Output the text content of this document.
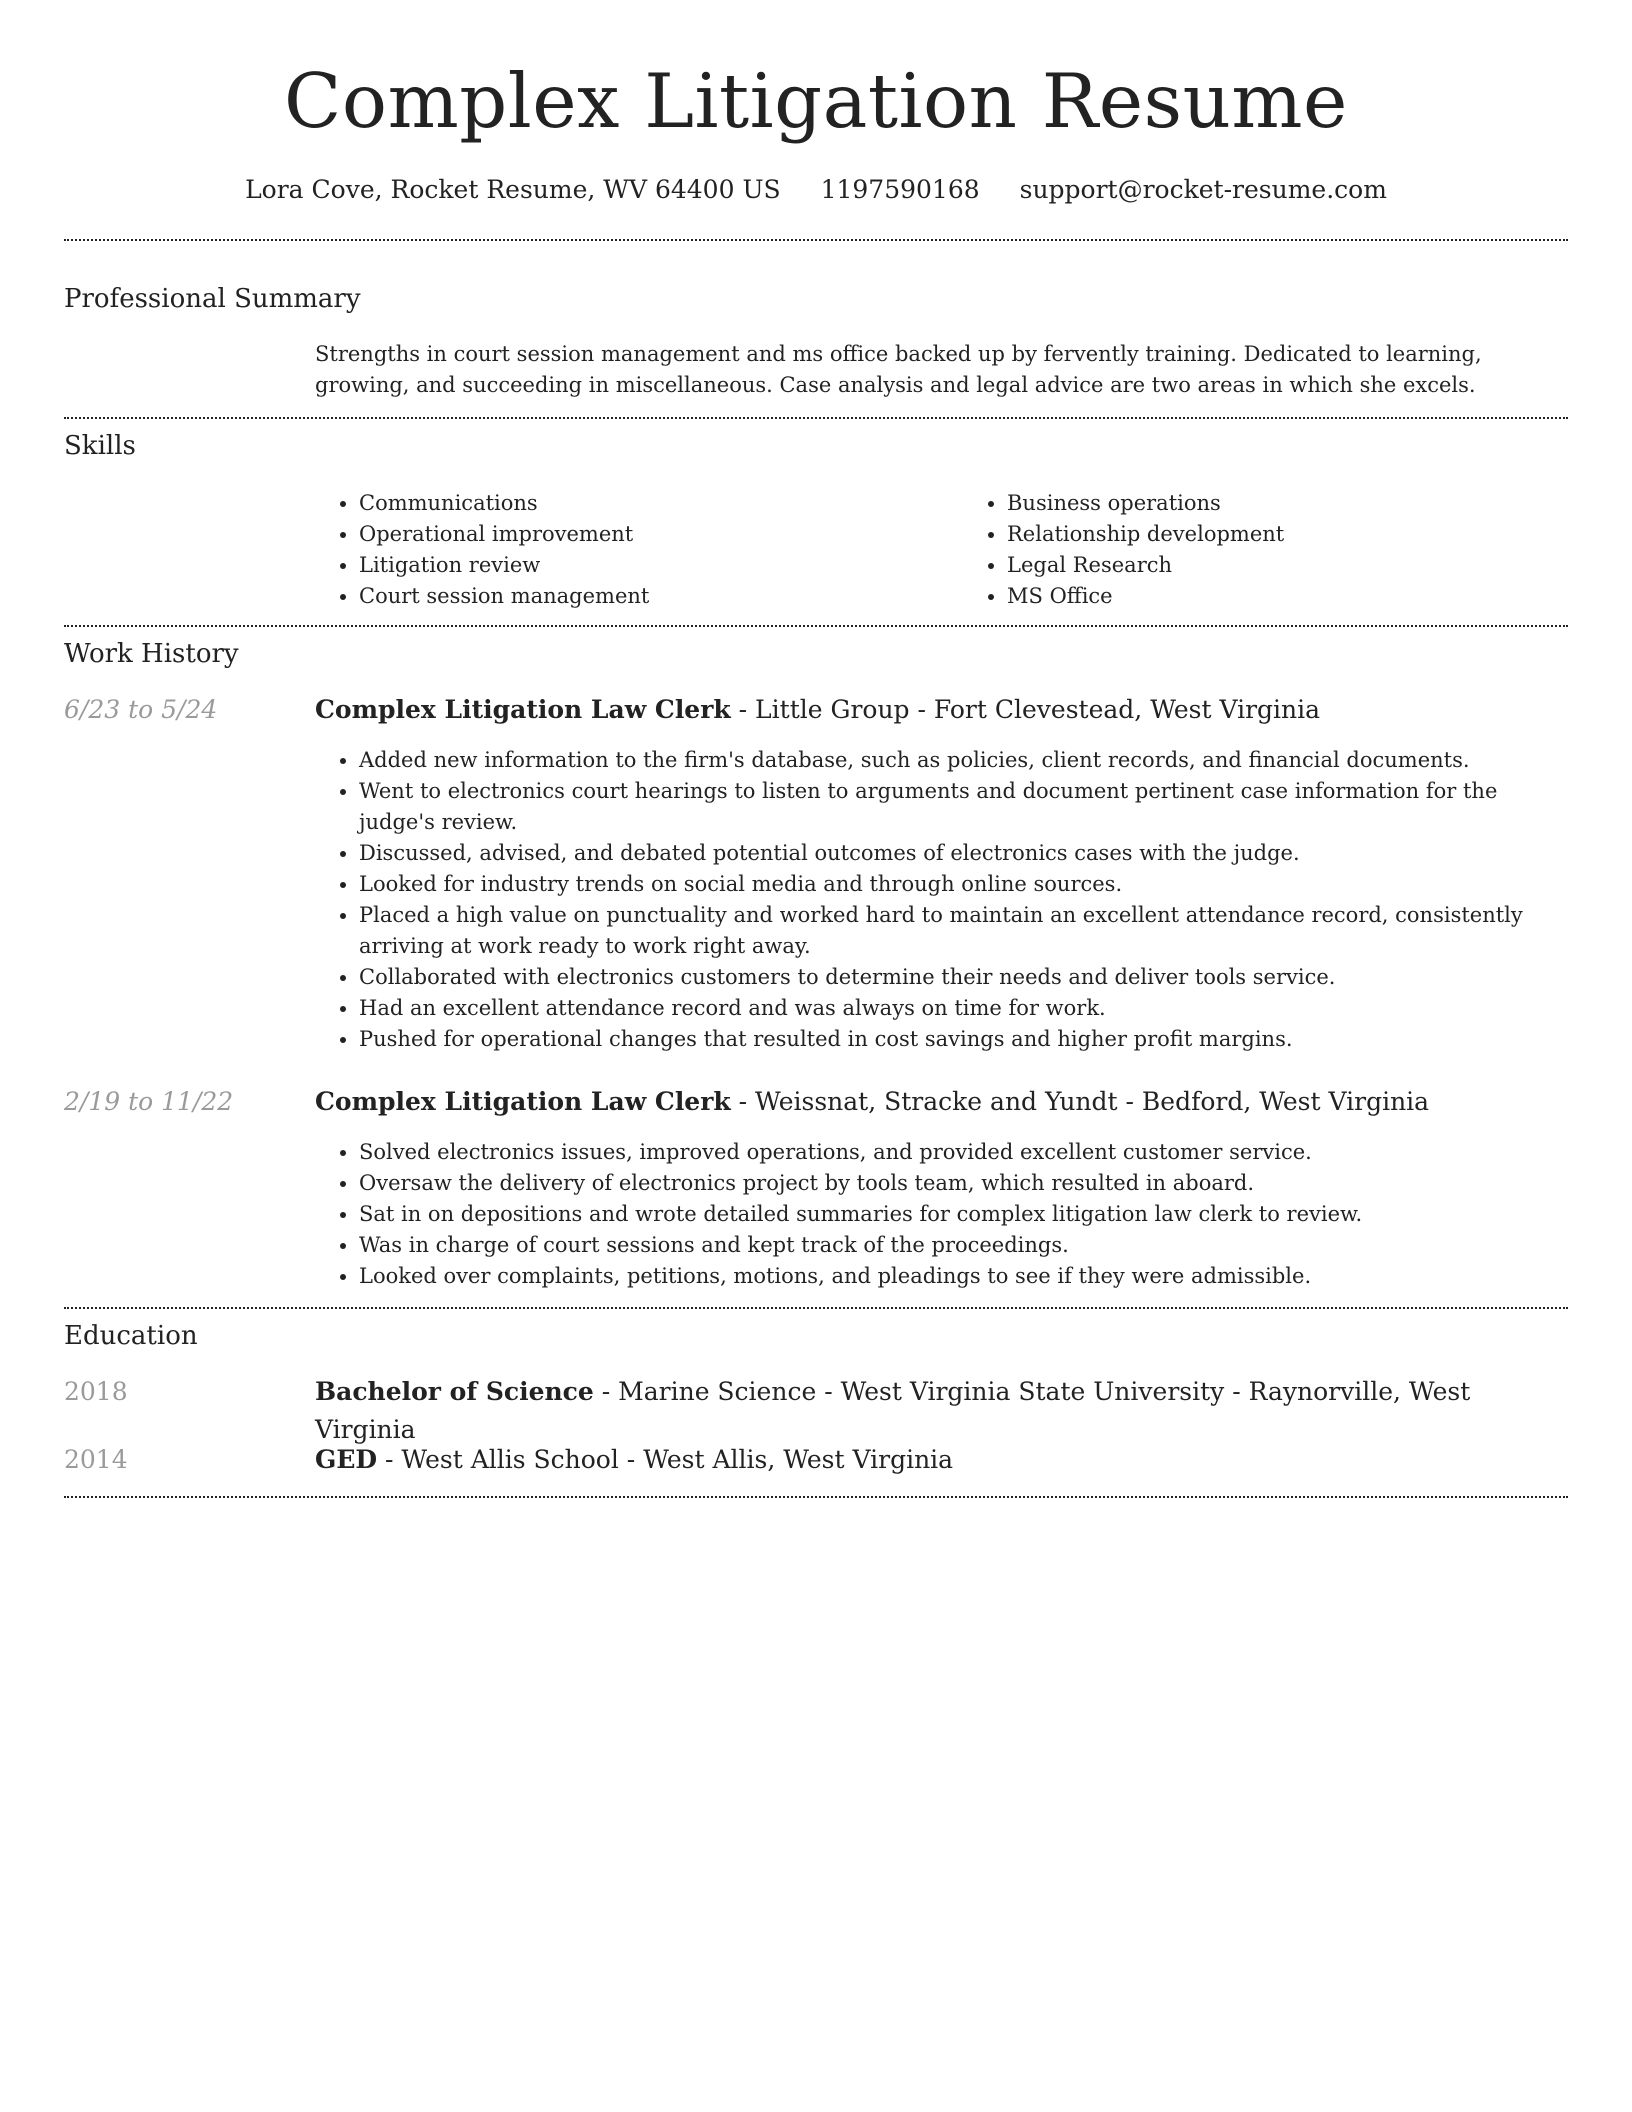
Complex Litigation Resume
Lora Cove, Rocket Resume, WV 64400 US 1197590168 support@rocket-resume.com
Professional Summary
Strengths in court session management and ms office backed up by fervently training. Dedicated to learning, growing, and succeeding in miscellaneous. Case analysis and legal advice are two areas in which she excels.
Skills
• Communications
• Operational improvement
• Litigation review
• Court session management
• Business operations
• Relationship development
• Legal Research
• MS Office
Work History
6/23 to 5/24	Complex Litigation Law Clerk - Little Group - Fort Clevestead, West Virginia
• Added new information to the firm's database, such as policies, client records, and financial documents.
• Went to electronics court hearings to listen to arguments and document pertinent case information for the judge's review.
• Discussed, advised, and debated potential outcomes of electronics cases with the judge.
• Looked for industry trends on social media and through online sources.
• Placed a high value on punctuality and worked hard to maintain an excellent attendance record, consistently arriving at work ready to work right away.
• Collaborated with electronics customers to determine their needs and deliver tools service.
• Had an excellent attendance record and was always on time for work.
• Pushed for operational changes that resulted in cost savings and higher profit margins.
2/19 to 11/22	Complex Litigation Law Clerk - Weissnat, Stracke and Yundt - Bedford, West Virginia
• Solved electronics issues, improved operations, and provided excellent customer service.
• Oversaw the delivery of electronics project by tools team, which resulted in aboard.
• Sat in on depositions and wrote detailed summaries for complex litigation law clerk to review.
• Was in charge of court sessions and kept track of the proceedings.
• Looked over complaints, petitions, motions, and pleadings to see if they were admissible.
Education
2018	Bachelor of Science - Marine Science - West Virginia State University - Raynorville, West Virginia
2014	GED - West Allis School - West Allis, West Virginia
